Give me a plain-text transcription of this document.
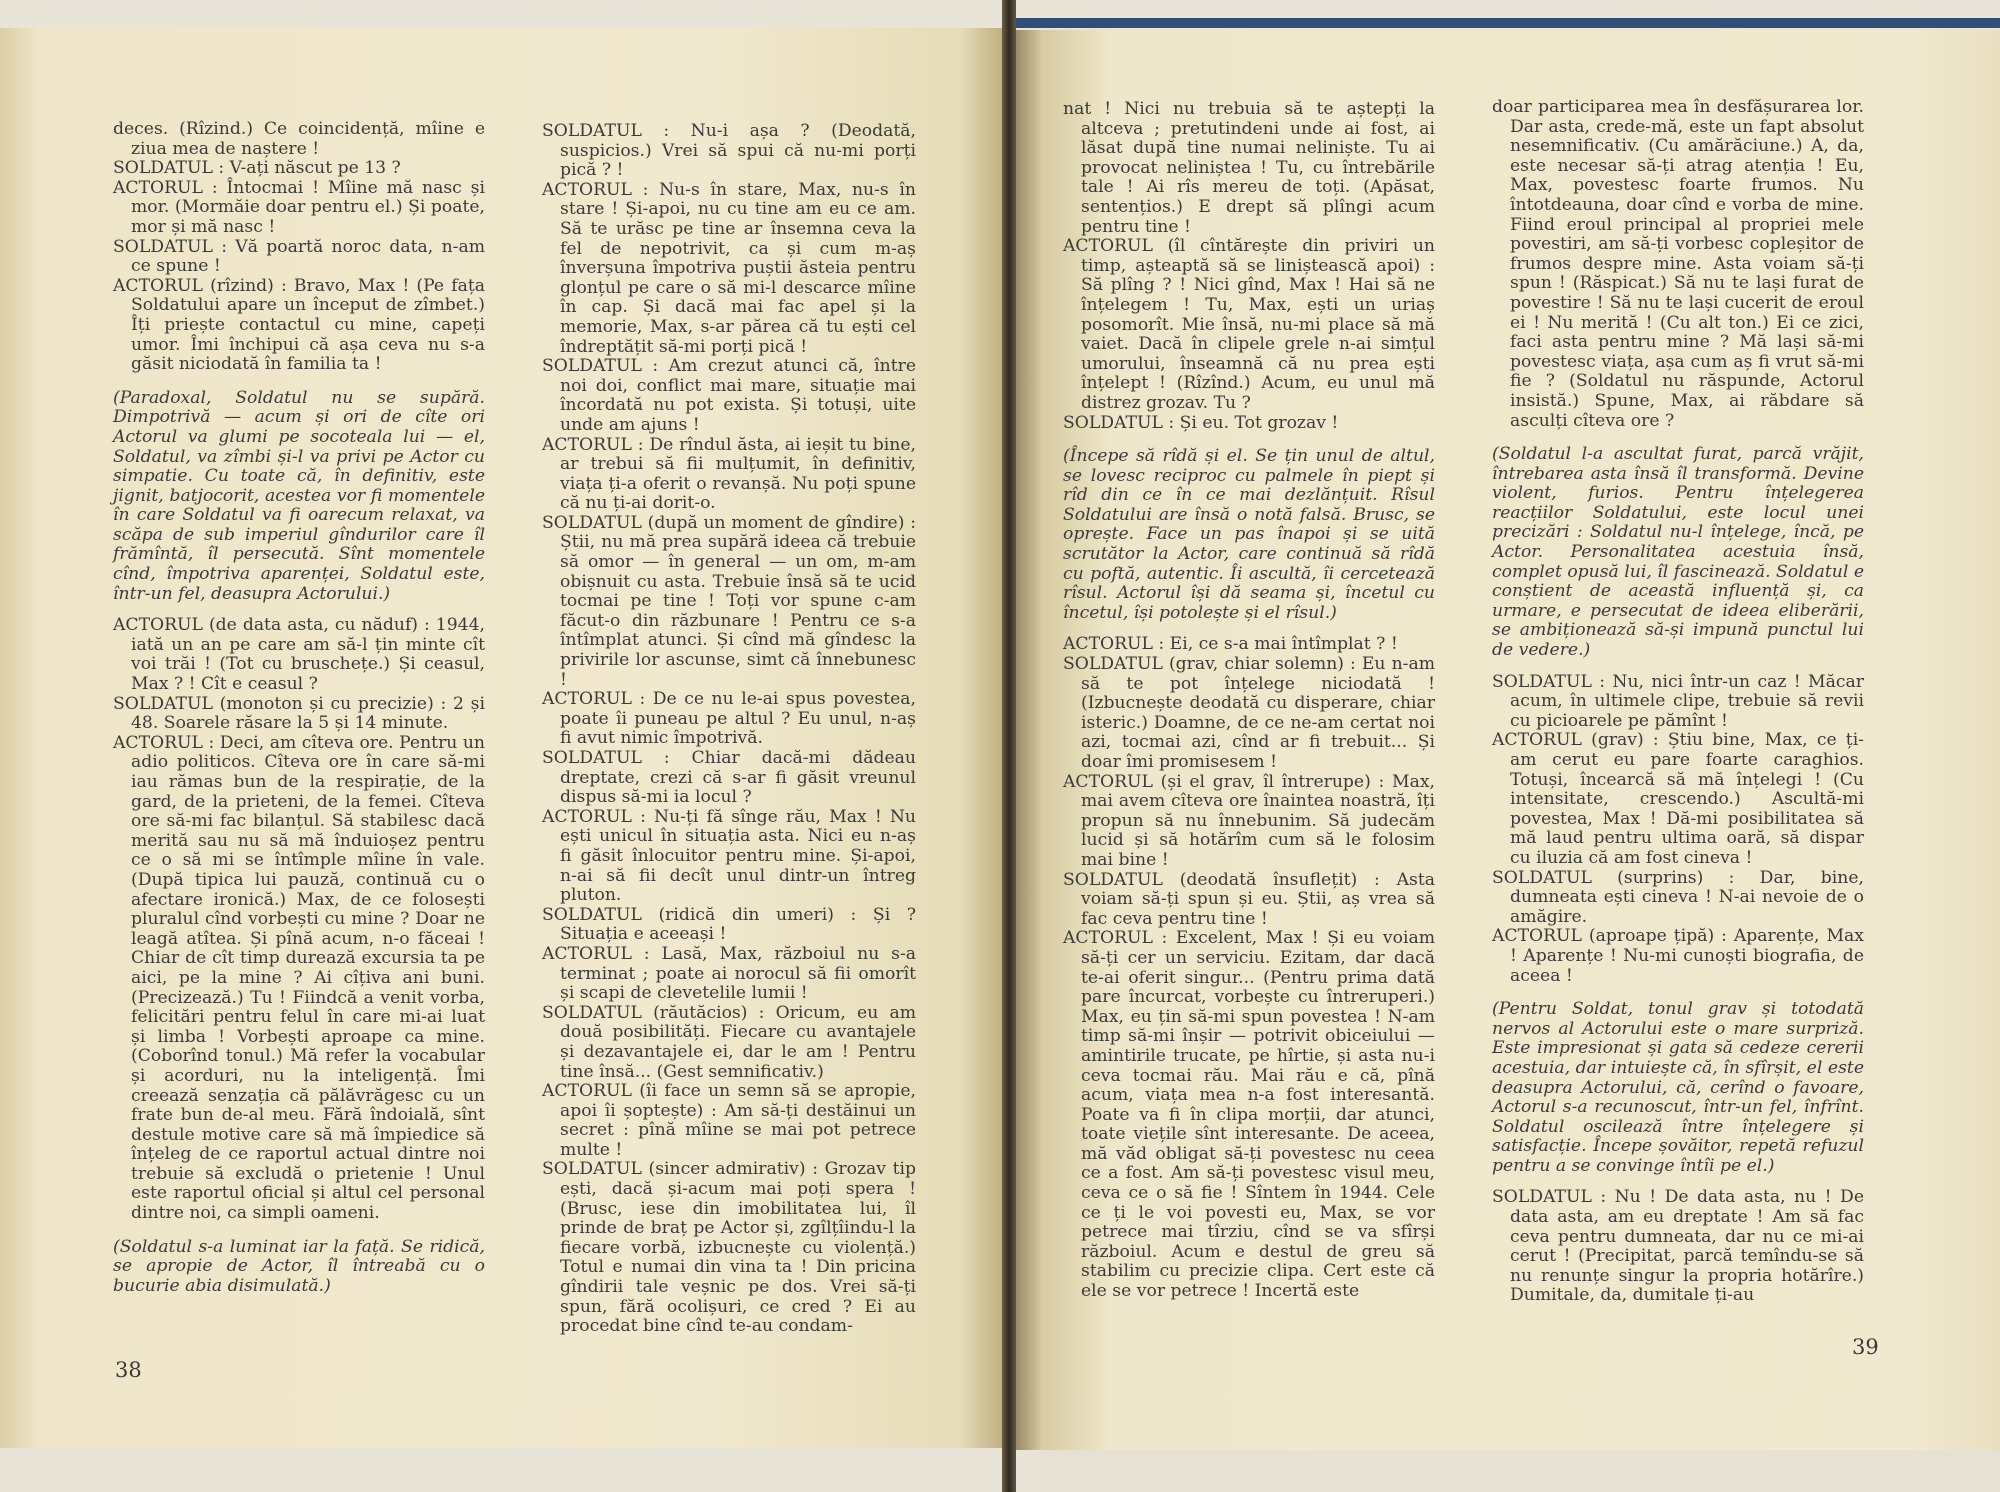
deces. (Rîzind.) Ce coincidență, mîine e ziua mea de naștere !

SOLDATUL : V-ați născut pe 13 ?

ACTORUL : Întocmai ! Mîine mă nasc și mor. (Mormăie doar pentru el.) Și poate, mor și mă nasc !

SOLDATUL : Vă poartă noroc data, n-am ce spune !

ACTORUL (rîzind) : Bravo, Max ! (Pe fața Soldatului apare un început de zîmbet.) Îți priește contactul cu mine, capeți umor. Îmi închipui că așa ceva nu s-a găsit niciodată în familia ta !

(Paradoxal, Soldatul nu se supără. Dimpotrivă — acum și ori de cîte ori Actorul va glumi pe socoteala lui — el, Soldatul, va zîmbi și-l va privi pe Actor cu simpatie. Cu toate că, în definitiv, este jignit, batjocorit, acestea vor fi momentele în care Soldatul va fi oarecum relaxat, va scăpa de sub imperiul gîndurilor care îl frămîntă, îl persecută. Sînt momentele cînd, împotriva aparenței, Soldatul este, într-un fel, deasupra Actorului.)

ACTORUL (de data asta, cu năduf) : 1944, iată un an pe care am să-l țin minte cît voi trăi ! (Tot cu bruschețe.) Și ceasul, Max ? ! Cît e ceasul ?

SOLDATUL (monoton și cu precizie) : 2 și 48. Soarele răsare la 5 și 14 minute.

ACTORUL : Deci, am cîteva ore. Pentru un adio politicos. Cîteva ore în care să-mi iau rămas bun de la respirație, de la gard, de la prieteni, de la femei. Cîteva ore să-mi fac bilanțul. Să stabilesc dacă merită sau nu să mă înduioșez pentru ce o să mi se întîmple mîine în vale. (După tipica lui pauză, continuă cu o afectare ironică.) Max, de ce folosești pluralul cînd vorbești cu mine ? Doar ne leagă atîtea. Și pînă acum, n-o făceai ! Chiar de cît timp durează excursia ta pe aici, pe la mine ? Ai cîțiva ani buni. (Precizează.) Tu ! Fiindcă a venit vorba, felicitări pentru felul în care mi-ai luat și limba ! Vorbești aproape ca mine. (Coborînd tonul.) Mă refer la vocabular și acorduri, nu la inteligență. Îmi creează senzația că pălăvrăgesc cu un frate bun de-al meu. Fără îndoială, sînt destule motive care să mă împiedice să înțeleg de ce raportul actual dintre noi trebuie să excludă o prietenie ! Unul este raportul oficial și altul cel personal dintre noi, ca simpli oameni.

(Soldatul s-a luminat iar la față. Se ridică, se apropie de Actor, îl întreabă cu o bucurie abia disimulată.)

SOLDATUL : Nu-i așa ? (Deodată, suspicios.) Vrei să spui că nu-mi porți pică ? !

ACTORUL : Nu-s în stare, Max, nu-s în stare ! Și-apoi, nu cu tine am eu ce am. Să te urăsc pe tine ar însemna ceva la fel de nepotrivit, ca și cum m-aș înverșuna împotriva puștii ăsteia pentru glonțul pe care o să mi-l descarce mîine în cap. Și dacă mai fac apel și la memorie, Max, s-ar părea că tu ești cel îndreptățit să-mi porți pică !

SOLDATUL : Am crezut atunci că, între noi doi, conflict mai mare, situație mai încordată nu pot exista. Și totuși, uite unde am ajuns !

ACTORUL : De rîndul ăsta, ai ieșit tu bine, ar trebui să fii mulțumit, în definitiv, viața ți-a oferit o revanșă. Nu poți spune că nu ți-ai dorit-o.

SOLDATUL (după un moment de gîndire) : Știi, nu mă prea supără ideea că trebuie să omor — în general — un om, m-am obișnuit cu asta. Trebuie însă să te ucid tocmai pe tine ! Toți vor spune c-am făcut-o din răzbunare ! Pentru ce s-a întîmplat atunci. Și cînd mă gîndesc la privirile lor ascunse, simt că înnebunesc !

ACTORUL : De ce nu le-ai spus povestea, poate îi puneau pe altul ? Eu unul, n-aș fi avut nimic împotrivă.

SOLDATUL : Chiar dacă-mi dădeau dreptate, crezi că s-ar fi găsit vreunul dispus să-mi ia locul ?

ACTORUL : Nu-ți fă sînge rău, Max ! Nu ești unicul în situația asta. Nici eu n-aș fi găsit înlocuitor pentru mine. Și-apoi, n-ai să fii decît unul dintr-un întreg pluton.

SOLDATUL (ridică din umeri) : Și ? Situația e aceeași !

ACTORUL : Lasă, Max, războiul nu s-a terminat ; poate ai norocul să fii omorît și scapi de clevetelile lumii !

SOLDATUL (răutăcios) : Oricum, eu am două posibilități. Fiecare cu avantajele și dezavantajele ei, dar le am ! Pentru tine însă... (Gest semnificativ.)

ACTORUL (îi face un semn să se apropie, apoi îi șoptește) : Am să-ți destăinui un secret : pînă mîine se mai pot petrece multe !

SOLDATUL (sincer admirativ) : Grozav tip ești, dacă și-acum mai poți spera ! (Brusc, iese din imobilitatea lui, îl prinde de braț pe Actor și, zgîlțîindu-l la fiecare vorbă, izbucnește cu violență.) Totul e numai din vina ta ! Din pricina gîndirii tale veșnic pe dos. Vrei să-ți spun, fără ocolișuri, ce cred ? Ei au procedat bine cînd te-au condam-

38

nat ! Nici nu trebuia să te aștepți la altceva ; pretutindeni unde ai fost, ai lăsat după tine numai neliniște. Tu ai provocat neliniștea ! Tu, cu întrebările tale ! Ai rîs mereu de toți. (Apăsat, sentențios.) E drept să plîngi acum pentru tine !

ACTORUL (îl cîntărește din priviri un timp, așteaptă să se liniștească apoi) : Să plîng ? ! Nici gînd, Max ! Hai să ne înțelegem ! Tu, Max, ești un uriaș posomorît. Mie însă, nu-mi place să mă vaiet. Dacă în clipele grele n-ai simțul umorului, înseamnă că nu prea ești înțelept ! (Rîzînd.) Acum, eu unul mă distrez grozav. Tu ?

SOLDATUL : Și eu. Tot grozav !

(Începe să rîdă și el. Se țin unul de altul, se lovesc reciproc cu palmele în piept și rîd din ce în ce mai dezlănțuit. Rîsul Soldatului are însă o notă falsă. Brusc, se oprește. Face un pas înapoi și se uită scrutător la Actor, care continuă să rîdă cu poftă, autentic. Îi ascultă, îi cercetează rîsul. Actorul își dă seama și, încetul cu încetul, își potolește și el rîsul.)

ACTORUL : Ei, ce s-a mai întîmplat ? !

SOLDATUL (grav, chiar solemn) : Eu n-am să te pot înțelege niciodată ! (Izbucnește deodată cu disperare, chiar isteric.) Doamne, de ce ne-am certat noi azi, tocmai azi, cînd ar fi trebuit... Și doar îmi promisesem !

ACTORUL (și el grav, îl întrerupe) : Max, mai avem cîteva ore înaintea noastră, îți propun să nu înnebunim. Să judecăm lucid și să hotărîm cum să le folosim mai bine !

SOLDATUL (deodată însuflețit) : Asta voiam să-ți spun și eu. Știi, aș vrea să fac ceva pentru tine !

ACTORUL : Excelent, Max ! Și eu voiam să-ți cer un serviciu. Ezitam, dar dacă te-ai oferit singur... (Pentru prima dată pare încurcat, vorbește cu întreruperi.) Max, eu țin să-mi spun povestea ! N-am timp să-mi înșir — potrivit obiceiului — amintirile trucate, pe hîrtie, și asta nu-i ceva tocmai rău. Mai rău e că, pînă acum, viața mea n-a fost interesantă. Poate va fi în clipa morții, dar atunci, toate viețile sînt interesante. De aceea, mă văd obligat să-ți povestesc nu ceea ce a fost. Am să-ți povestesc visul meu, ceva ce o să fie ! Sîntem în 1944. Cele ce ți le voi povesti eu, Max, se vor petrece mai tîrziu, cînd se va sfîrși războiul. Acum e destul de greu să stabilim cu precizie clipa. Cert este că ele se vor petrece ! Incertă este

doar participarea mea în desfășurarea lor. Dar asta, crede-mă, este un fapt absolut nesemnificativ. (Cu amărăciune.) A, da, este necesar să-ți atrag atenția ! Eu, Max, povestesc foarte frumos. Nu întotdeauna, doar cînd e vorba de mine. Fiind eroul principal al propriei mele povestiri, am să-ți vorbesc copleșitor de frumos despre mine. Asta voiam să-ți spun ! (Răspicat.) Să nu te lași furat de povestire ! Să nu te lași cucerit de eroul ei ! Nu merită ! (Cu alt ton.) Ei ce zici, faci asta pentru mine ? Mă lași să-mi povestesc viața, așa cum aș fi vrut să-mi fie ? (Soldatul nu răspunde, Actorul insistă.) Spune, Max, ai răbdare să asculți cîteva ore ?

(Soldatul l-a ascultat furat, parcă vrăjit, întrebarea asta însă îl transformă. Devine violent, furios. Pentru înțelegerea reacțiilor Soldatului, este locul unei precizări : Soldatul nu-l înțelege, încă, pe Actor. Personalitatea acestuia însă, complet opusă lui, îl fascinează. Soldatul e conștient de această influență și, ca urmare, e persecutat de ideea eliberării, se ambiționează să-și impună punctul lui de vedere.)

SOLDATUL : Nu, nici într-un caz ! Măcar acum, în ultimele clipe, trebuie să revii cu picioarele pe pămînt !

ACTORUL (grav) : Știu bine, Max, ce ți-am cerut eu pare foarte caraghios. Totuși, încearcă să mă înțelegi ! (Cu intensitate, crescendo.) Ascultă-mi povestea, Max ! Dă-mi posibilitatea să mă laud pentru ultima oară, să dispar cu iluzia că am fost cineva !

SOLDATUL (surprins) : Dar, bine, dumneata ești cineva ! N-ai nevoie de o amăgire.

ACTORUL (aproape țipă) : Aparențe, Max ! Aparențe ! Nu-mi cunoști biografia, de aceea !

(Pentru Soldat, tonul grav și totodată nervos al Actorului este o mare surpriză. Este impresionat și gata să cedeze cererii acestuia, dar intuiește că, în sfîrșit, el este deasupra Actorului, că, cerînd o favoare, Actorul s-a recunoscut, într-un fel, înfrînt. Soldatul oscilează între înțelegere și satisfacție. Începe șovăitor, repetă refuzul pentru a se convinge întîi pe el.)

SOLDATUL : Nu ! De data asta, nu ! De data asta, am eu dreptate ! Am să fac ceva pentru dumneata, dar nu ce mi-ai cerut ! (Precipitat, parcă temîndu-se să nu renunțe singur la propria hotărîre.) Dumitale, da, dumitale ți-au

39
